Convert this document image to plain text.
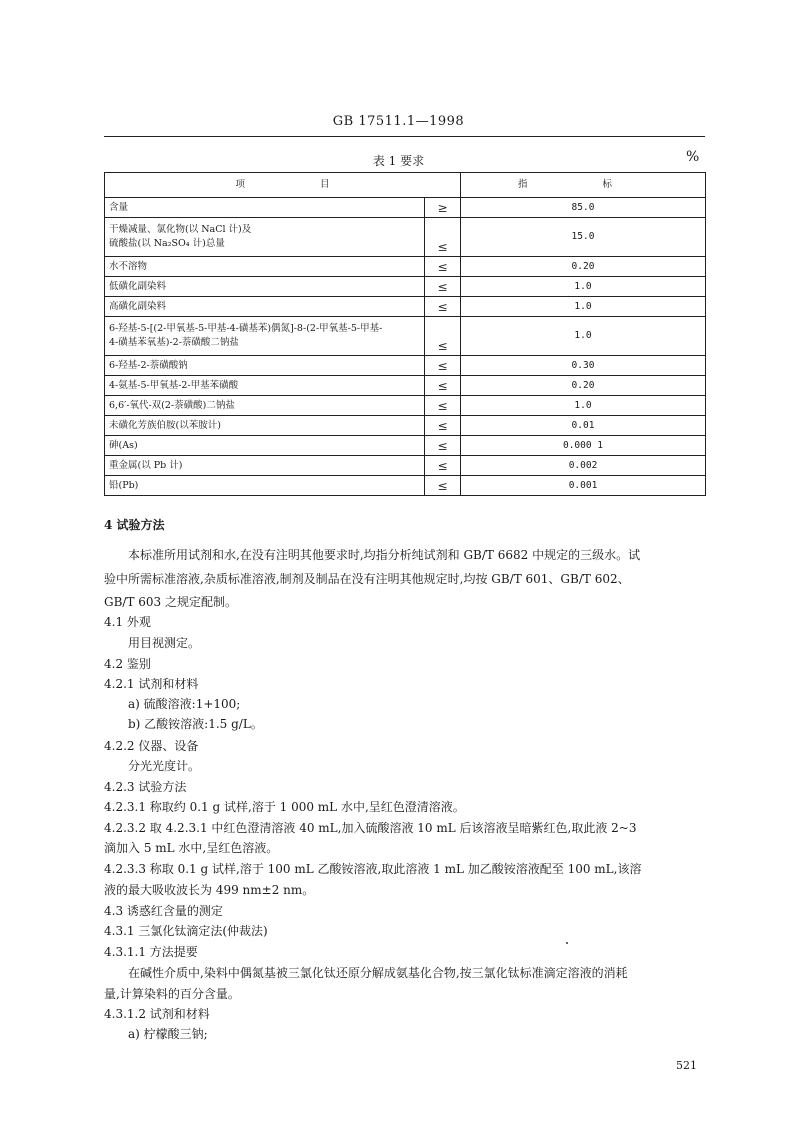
GB 17511.1—1998
表 1 要求	%
项 目		指 标
含量	≥	85.0

干燥减量、氯化物(以 NaCl 计)及
硫酸盐(以 Na₂SO₄ 计)总量	≤	15.0
水不溶物	≤	0.20
低磺化副染料	≤	1.0
高磺化副染料	≤	1.0

6-羟基-5-[(2-甲氧基-5-甲基-4-磺基苯)偶氮]-8-(2-甲氧基-5-甲基-
4-磺基苯氧基)-2-萘磺酸二钠盐	≤	1.0
6-羟基-2-萘磺酸钠	≤	0.30
4-氨基-5-甲氧基-2-甲基苯磺酸	≤	0.20
6,6′-氧代-双(2-萘磺酸)二钠盐	≤	1.0
未磺化芳族伯胺(以苯胺计)	≤	0.01
砷(As)	≤	0.000 1
重金属(以 Pb 计)	≤	0.002
铅(Pb)	≤	0.001
4 试验方法
本标准所用试剂和水,在没有注明其他要求时,均指分析纯试剂和 GB/T 6682 中规定的三级水。试
验中所需标准溶液,杂质标准溶液,制剂及制品在没有注明其他规定时,均按 GB/T 601、GB/T 602、
GB/T 603 之规定配制。
4.1 外观
用目视测定。
4.2 鉴别
4.2.1 试剂和材料
a) 硫酸溶液:1+100;
b) 乙酸铵溶液:1.5 g/L。
4.2.2 仪器、设备
分光光度计。
4.2.3 试验方法
4.2.3.1 称取约 0.1 g 试样,溶于 1 000 mL 水中,呈红色澄清溶液。
4.2.3.2 取 4.2.3.1 中红色澄清溶液 40 mL,加入硫酸溶液 10 mL 后该溶液呈暗紫红色,取此液 2~3
滴加入 5 mL 水中,呈红色溶液。
4.2.3.3 称取 0.1 g 试样,溶于 100 mL 乙酸铵溶液,取此溶液 1 mL 加乙酸铵溶液配至 100 mL,该溶
液的最大吸收波长为 499 nm±2 nm。
4.3 诱惑红含量的测定
4.3.1 三氯化钛滴定法(仲裁法)
4.3.1.1 方法提要
在碱性介质中,染料中偶氮基被三氯化钛还原分解成氨基化合物,按三氯化钛标准滴定溶液的消耗
量,计算染料的百分含量。
4.3.1.2 试剂和材料
a) 柠檬酸三钠;
521
